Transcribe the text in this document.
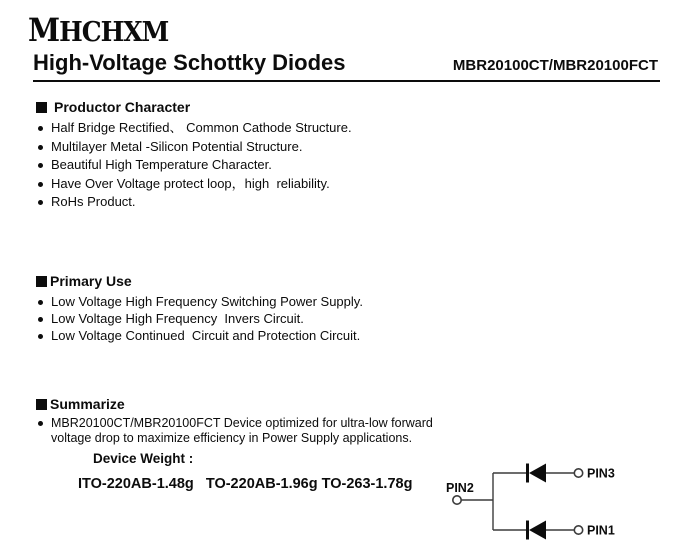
MHCHXM
High-Voltage Schottky Diodes	MBR20100CT/MBR20100FCT
Productor Character
Half Bridge Rectified、 Common Cathode Structure.
Multilayer Metal -Silicon Potential Structure.
Beautiful High Temperature Character.
Have Over Voltage protect loop，high  reliability.
RoHs Product.
Primary Use
Low Voltage High Frequency Switching Power Supply.
Low Voltage High Frequency  Invers Circuit.
Low Voltage Continued  Circuit and Protection Circuit.
Summarize
MBR20100CT/MBR20100FCT Device optimized for ultra-low forward voltage drop to maximize efficiency in Power Supply applications.
Device Weight :
ITO-220AB-1.48g   TO-220AB-1.96g TO-263-1.78g	PIN2
PIN3
PIN1
